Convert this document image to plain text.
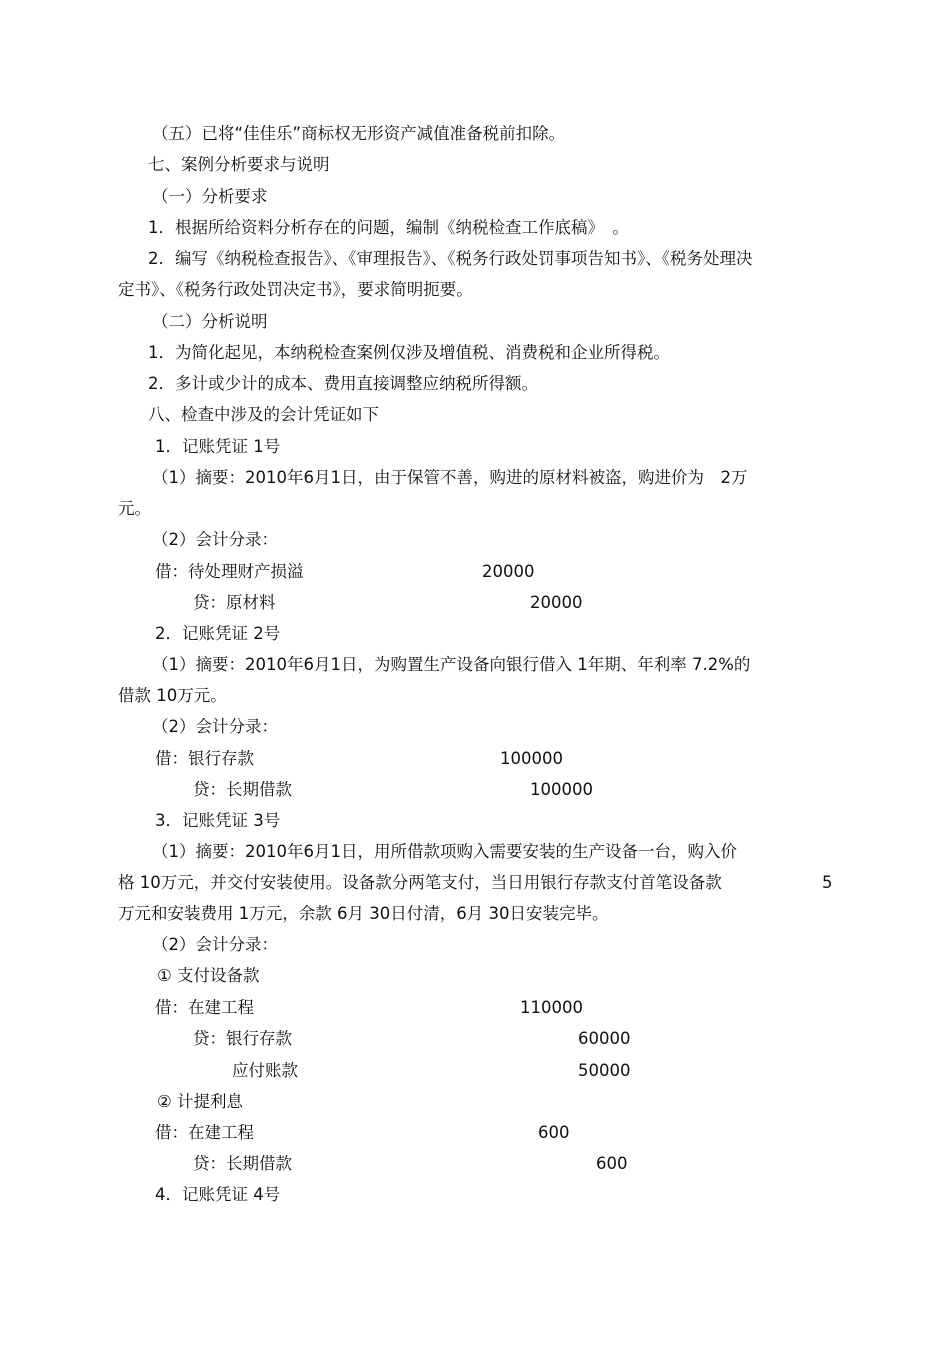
（五）已将“佳佳乐”商标权无形资产减值准备税前扣除。
七、案例分析要求与说明
（一）分析要求
1．根据所给资料分析存在的问题，编制《纳税检查工作底稿》　。
2．编写《纳税检查报告》、《审理报告》、《税务行政处罚事项告知书》、《税务处理决
定书》、《税务行政处罚决定书》，要求简明扼要。
（二）分析说明
1．为简化起见，本纳税检查案例仅涉及增值税、消费税和企业所得税。
2．多计或少计的成本、费用直接调整应纳税所得额。
八、检查中涉及的会计凭证如下
1．记账凭证 1号
（1）摘要：2010年6月1日，由于保管不善，购进的原材料被盗，购进价为　2万
元。
（2）会计分录：
借：待处理财产损溢	20000
贷：原材料	20000
2．记账凭证 2号
（1）摘要：2010年6月1日，为购置生产设备向银行借入 1年期、年利率 7.2%的
借款 10万元。
（2）会计分录：
借：银行存款	100000
贷：长期借款	100000
3．记账凭证 3号
（1）摘要：2010年6月1日，用所借款项购入需要安装的生产设备一台，购入价
格 10万元，并交付安装使用。设备款分两笔支付，当日用银行存款支付首笔设备款	5
万元和安装费用 1万元，余款 6月 30日付清，6月 30日安装完毕。
（2）会计分录：
① 支付设备款
借：在建工程	110000
贷：银行存款	60000
应付账款	50000
② 计提利息
借：在建工程	600
贷：长期借款	600
4．记账凭证 4号
